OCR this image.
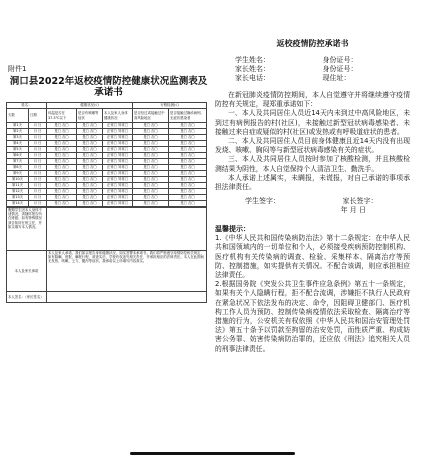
附件1
洞口县2022年返校疫情防控健康状况监测表及承诺书
姓名：		健康状况(√)			行程检测(√)	
天数	日期	体温是否在37.3℃以下	是否有咳嗽等症状	本人及家人身体健康状况	是否经过或接触过中高风险地区	是否接触过确诊病例、无症状感染者
第1天	月 日	是□ 否□	是□ 否□	正常□ 异常□	是□ 否□	是□ 否□
第2天	月 日	是□ 否□	是□ 否□	正常□ 异常□	是□ 否□	是□ 否□
第3天	月 日	是□ 否□	是□ 否□	正常□ 异常□	是□ 否□	是□ 否□
第4天	月 日	是□ 否□	是□ 否□	正常□ 异常□	是□ 否□	是□ 否□
第5天	月 日	是□ 否□	是□ 否□	正常□ 异常□	是□ 否□	是□ 否□
第6天	月 日	是□ 否□	是□ 否□	正常□ 异常□	是□ 否□	是□ 否□
第7天	月 日	是□ 否□	是□ 否□	正常□ 异常□	是□ 否□	是□ 否□
第8天	月 日	是□ 否□	是□ 否□	正常□ 异常□	是□ 否□	是□ 否□
第9天	月 日	是□ 否□	是□ 否□	正常□ 异常□	是□ 否□	是□ 否□
第10天	月 日	是□ 否□	是□ 否□	正常□ 异常□	是□ 否□	是□ 否□
第11天	月 日	是□ 否□	是□ 否□	正常□ 异常□	是□ 否□	是□ 否□
第12天	月 日	是□ 否□	是□ 否□	正常□ 异常□	是□ 否□	是□ 否□
第13天	月 日	是□ 否□	是□ 否□	正常□ 异常□	是□ 否□	是□ 否□
第14天	月 日	是□ 否□	是□ 否□	正常□ 异常□	是□ 否□	是□ 否□
假期学生因本人身体不适情况，须随时报告所在班级；如有特殊情况须告知所在班主任，并如实填写本人情况。	
本人及家长承诺	本人及家人承诺，我们如实报告身体健康状况，如实签署本承诺书。我们将严格遵守疫情防控相关规定，如有隐瞒、谎报、瞒报行程，被查实后，学校有权追究相关责任，并承担相应的法律责任。本人在此期间无发热、咳嗽、乏力、腹泻等症状，我承诺以上所填写内容真实。
本人签名：（家长签名）	
返校疫情防控承诺书
学生姓名：	身份证号：
家长姓名：	身份证号：
家长电话：	现住址：

在新冠肺炎疫情防控期间，本人自觉遵守并将继续遵守疫情防控有关规定，现郑重承诺如下：

一、本人及共同居住人员近14天内未到过中高风险地区，未到过有病例报告的村(社区)，未接触过新型冠状病毒感染者、未接触过来自症或疑似的村(社区)或发热或有呼吸道症状的患者。

二、本人及共同居住人员目前身体健康且近14天内没有出现发烧、咳嗽、胸闷等与新型冠状病毒感染有关的症状。

三、本人及共同居住人员按时参加了核酸检测，并且核酸检测结果为阴性，本人自觉保持个人清洁卫生、勤洗手。

本人承诺上述属实，未瞒报，未谎报，对自己承诺的事项承担法律责任。

学生签字：	家长签字：
年 月 日
温馨提示：

1.《中华人民共和国传染病防治法》第十二条规定：在中华人民共和国领域内的一切单位和个人，必须接受疾病预防控制机构、医疗机构有关传染病的调查、检验、采集样本、隔离治疗等预防、控制措施，如实提供有关情况。不配合该调，则应承担相应法律责任。

2.根据国务院《突发公共卫生事件应急条例》第五十一条规定，如果有关个人隐瞒行程，拒不配合流调，涉嫌拒不执行人民政府在紧急状况下依法发布的决定、命令，因阻碍卫健部门、医疗机构工作人员为预防、控制传染病疫情依法采取检查、隔离治疗等措施的行为，公安机关有权依照《中华人民共和国治安管理处罚法》第五十条予以罚款至拘留的治安处罚，而性质严重、构成妨害公务罪、妨害传染病防治罪的，还应依《刑法》追究相关人员的刑事法律责任。
